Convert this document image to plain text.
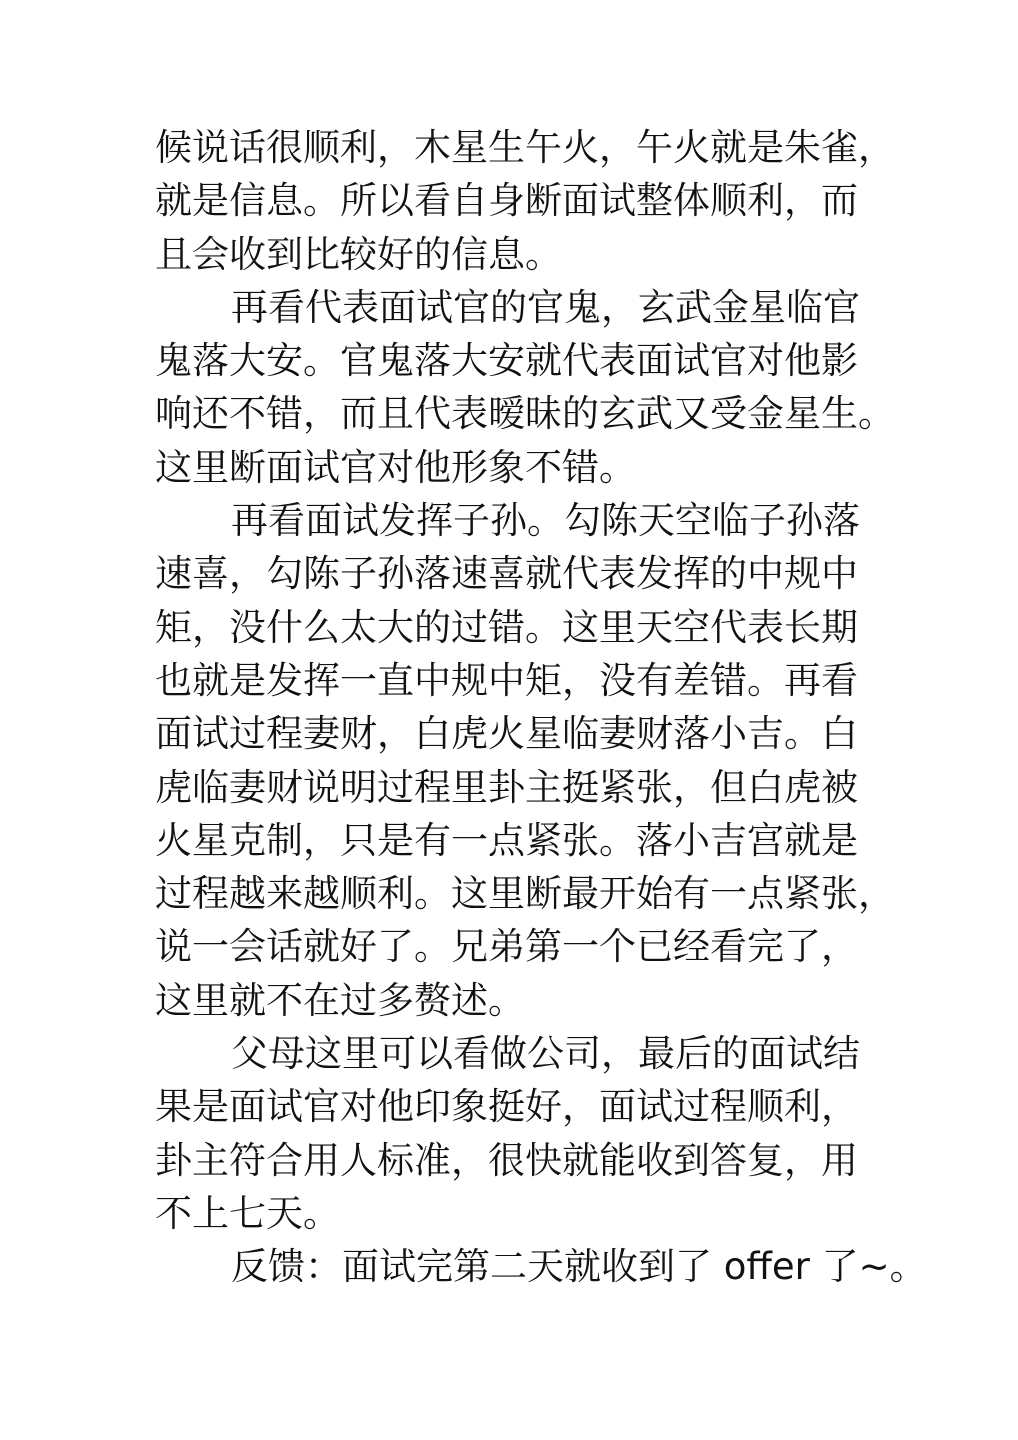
候说话很顺利，木星生午火，午火就是朱雀，
就是信息。所以看自身断面试整体顺利，而
且会收到比较好的信息。
再看代表面试官的官鬼，玄武金星临官
鬼落大安。官鬼落大安就代表面试官对他影
响还不错，而且代表暧昧的玄武又受金星生。
这里断面试官对他形象不错。
再看面试发挥子孙。勾陈天空临子孙落
速喜，勾陈子孙落速喜就代表发挥的中规中
矩，没什么太大的过错。这里天空代表长期
也就是发挥一直中规中矩，没有差错。再看
面试过程妻财，白虎火星临妻财落小吉。白
虎临妻财说明过程里卦主挺紧张，但白虎被
火星克制，只是有一点紧张。落小吉宫就是
过程越来越顺利。这里断最开始有一点紧张，
说一会话就好了。兄弟第一个已经看完了，
这里就不在过多赘述。
父母这里可以看做公司，最后的面试结
果是面试官对他印象挺好，面试过程顺利，
卦主符合用人标准，很快就能收到答复，用
不上七天。
反馈：面试完第二天就收到了 offer 了~。
